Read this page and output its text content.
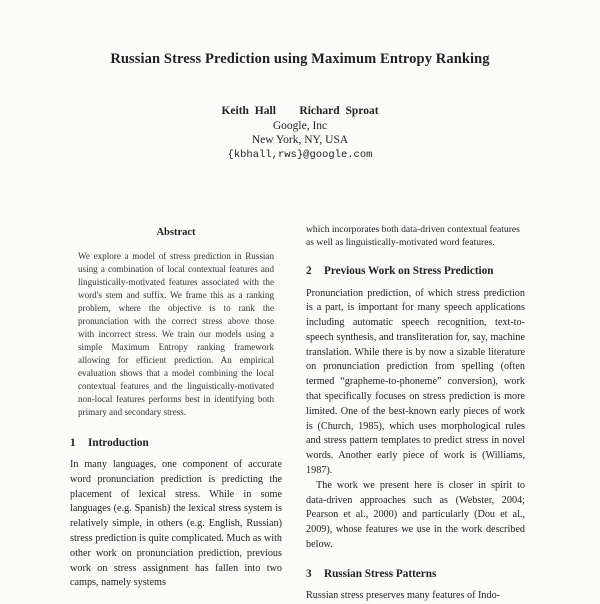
Russian Stress Prediction using Maximum Entropy Ranking
Keith Hall    Richard Sproat
Google, Inc
New York, NY, USA
{kbhall,rws}@google.com
Abstract

We explore a model of stress prediction in Russian using a combination of local contextual features and linguistically-motivated features associated with the word's stem and suffix. We frame this as a ranking problem, where the objective is to rank the pronunciation with the correct stress above those with incorrect stress. We train our models using a simple Maximum Entropy ranking framework allowing for efficient prediction. An empirical evaluation shows that a model combining the local contextual features and the linguistically-motivated non-local features performs best in identifying both primary and secondary stress.

1 Introduction

In many languages, one component of accurate word pronunciation prediction is predicting the placement of lexical stress. While in some languages (e.g. Spanish) the lexical stress system is relatively simple, in others (e.g. English, Russian) stress prediction is quite complicated. Much as with other work on pronunciation prediction, previous work on stress assignment has fallen into two camps, namely systems

which incorporates both data-driven contextual features as well as linguistically-motivated word features.

2	Previous Work on Stress Prediction

Pronunciation prediction, of which stress prediction is a part, is important for many speech applications including automatic speech recognition, text-to-speech synthesis, and transliteration for, say, machine translation. While there is by now a sizable literature on pronunciation prediction from spelling (often termed “grapheme-to-phoneme” conversion), work that specifically focuses on stress prediction is more limited. One of the best-known early pieces of work is (Church, 1985), which uses morphological rules and stress pattern templates to predict stress in novel words. Another early piece of work is (Williams, 1987).

The work we present here is closer in spirit to data-driven approaches such as (Webster, 2004; Pearson et al., 2000) and particularly (Dou et al., 2009), whose features we use in the work described below.

3 Russian Stress Patterns

Russian stress preserves many features of Indo-
